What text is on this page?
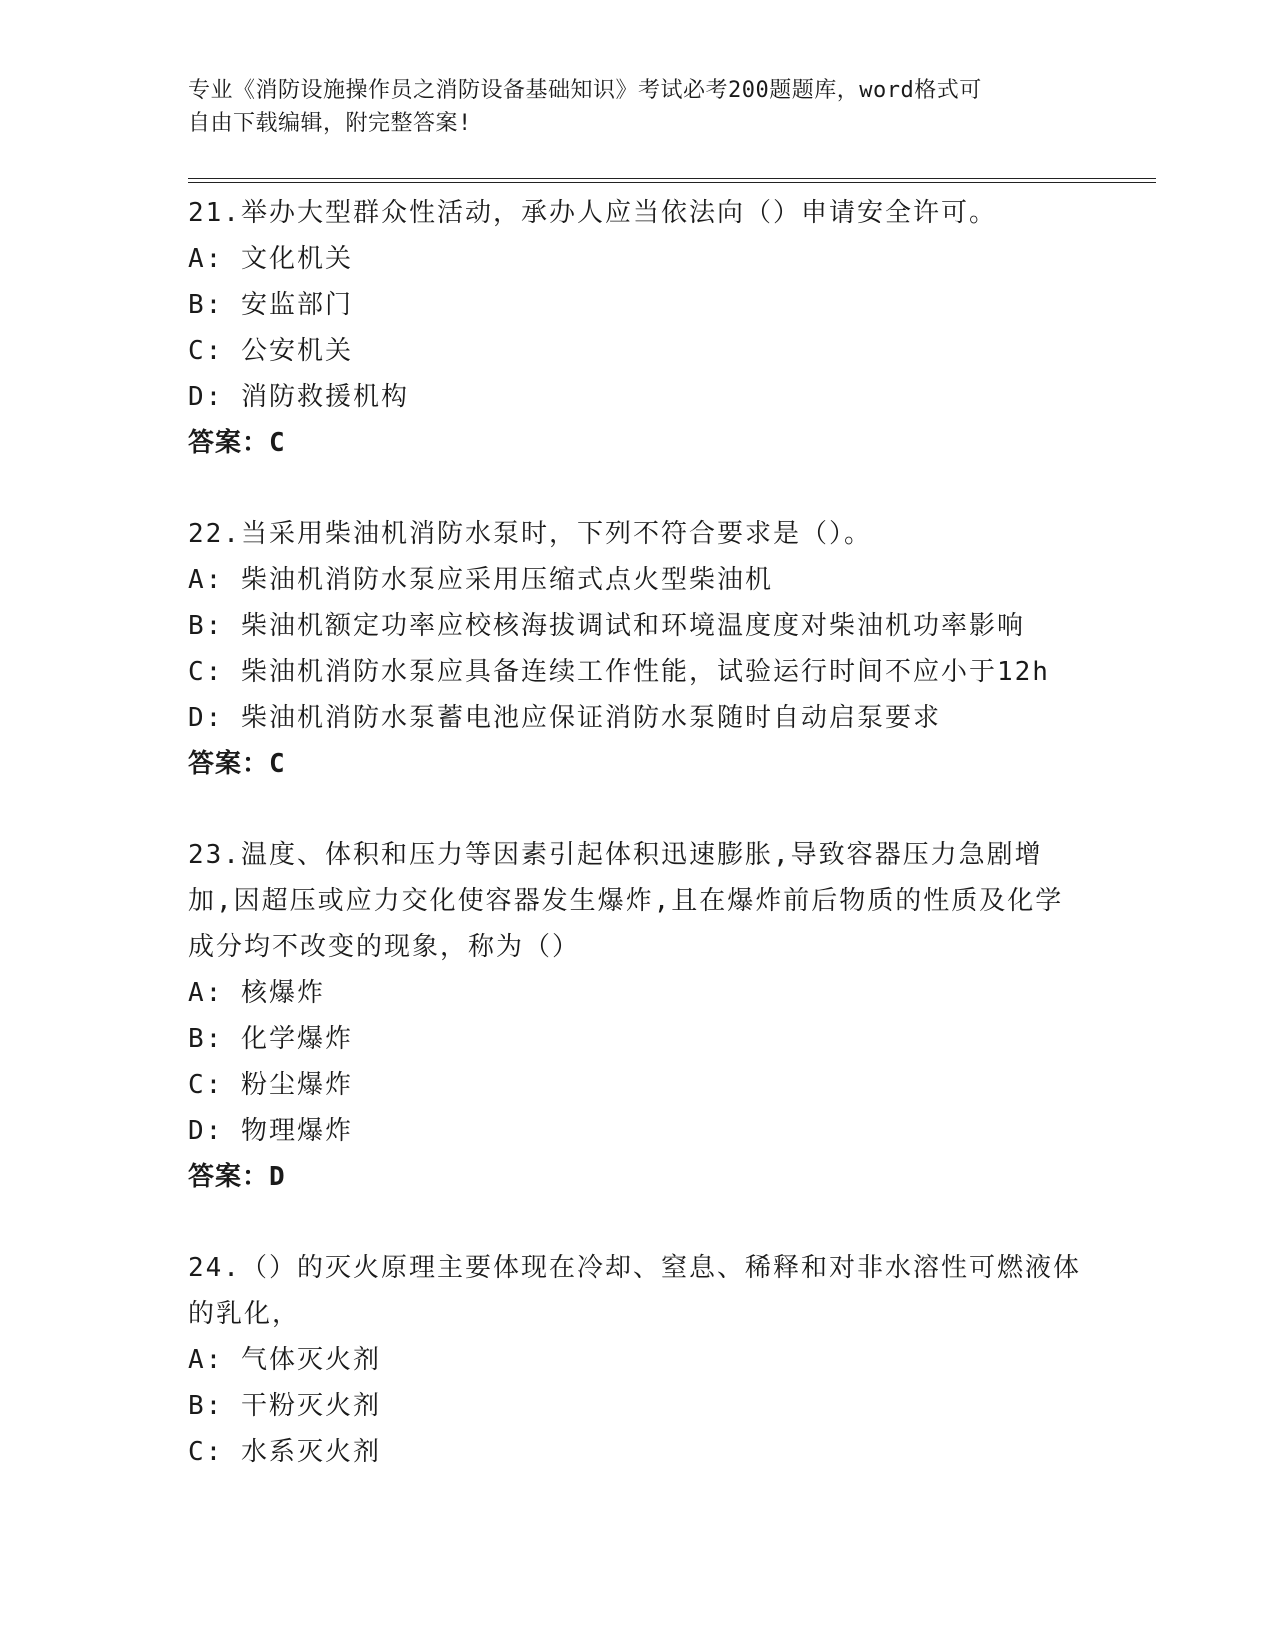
专业《消防设施操作员之消防设备基础知识》考试必考200题题库，word格式可
自由下载编辑，附完整答案!
21.举办大型群众性活动，承办人应当依法向（）申请安全许可。
A: 文化机关
B: 安监部门
C: 公安机关
D: 消防救援机构
答案：C
22.当采用柴油机消防水泵时，下列不符合要求是（）。
A: 柴油机消防水泵应采用压缩式点火型柴油机
B: 柴油机额定功率应校核海拔调试和环境温度度对柴油机功率影响
C: 柴油机消防水泵应具备连续工作性能，试验运行时间不应小于12h
D: 柴油机消防水泵蓄电池应保证消防水泵随时自动启泵要求
答案：C
23.温度、体积和压力等因素引起体积迅速膨胀,导致容器压力急剧增加,因超压或应力交化使容器发生爆炸,且在爆炸前后物质的性质及化学成分均不改变的现象，称为（）
A: 核爆炸
B: 化学爆炸
C: 粉尘爆炸
D: 物理爆炸
答案：D
24.（）的灭火原理主要体现在冷却、窒息、稀释和对非水溶性可燃液体的乳化，
A: 气体灭火剂
B: 干粉灭火剂
C: 水系灭火剂
